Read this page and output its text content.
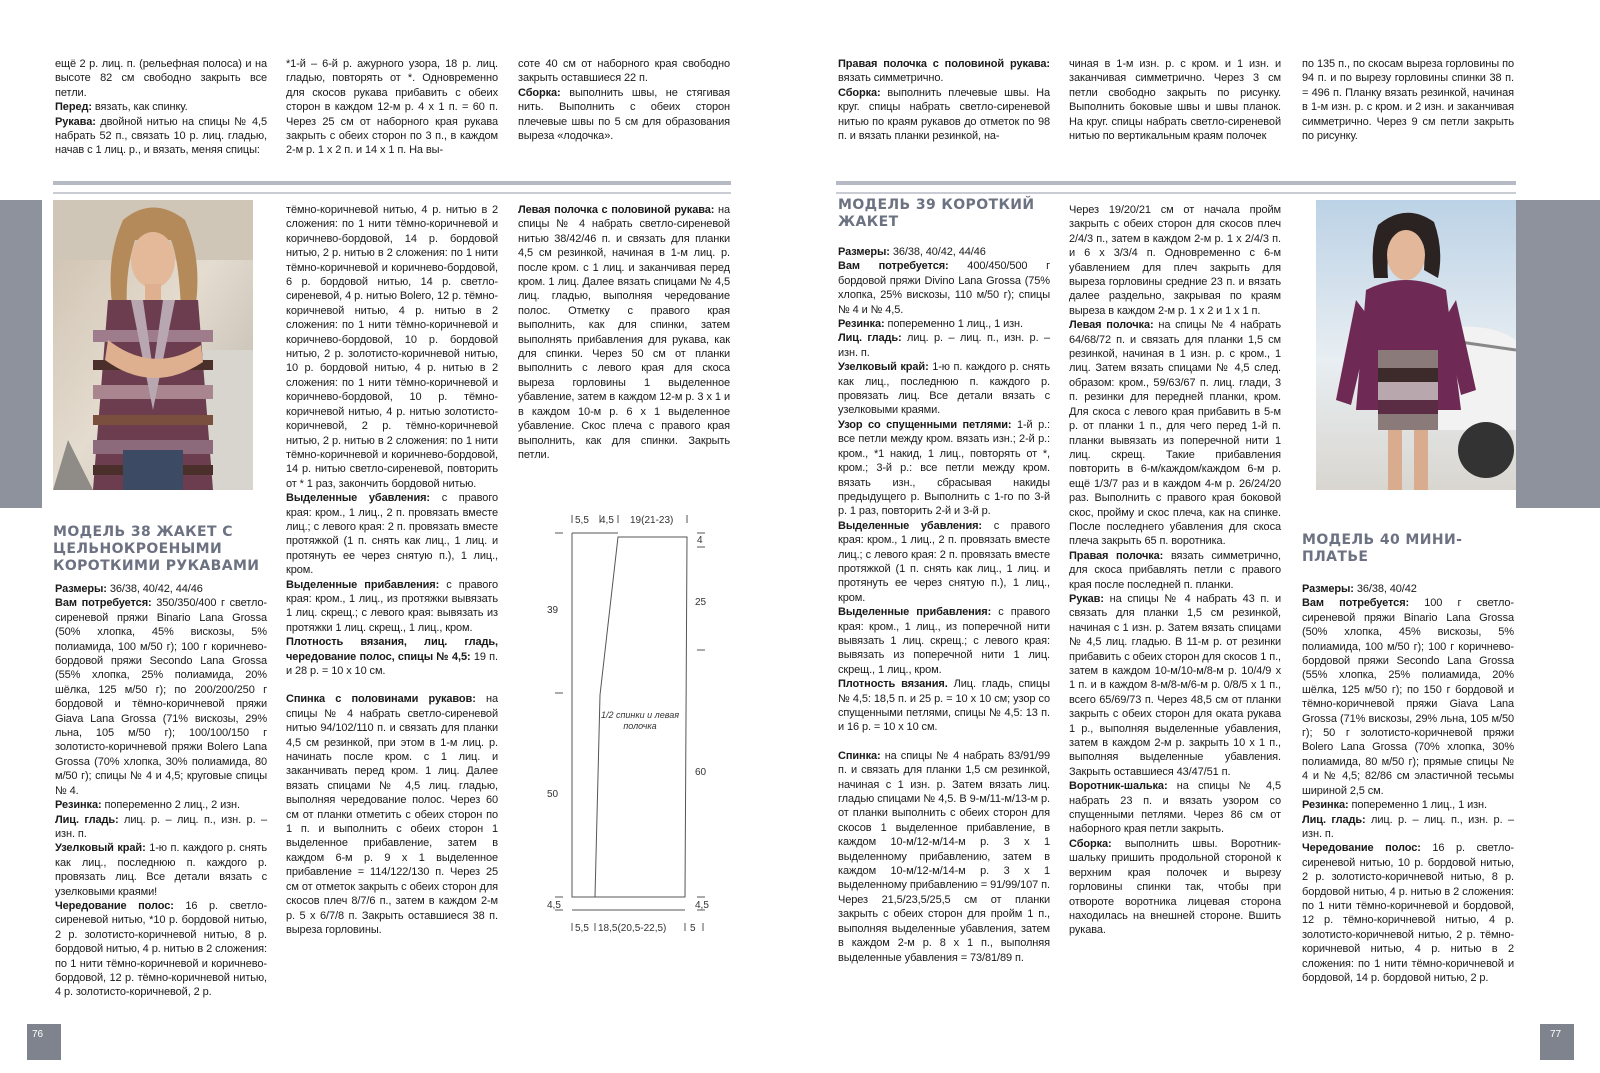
ещё 2 р. лиц. п. (рельефная полоса) и на высоте 82 см свободно закрыть все петли.

Перед: вязать, как спинку.

Рукава: двойной нитью на спицы № 4,5 набрать 52 п., связать 10 р. лиц. гладью, начав с 1 лиц. р., и вязать, меняя спицы:

*1-й – 6-й р. ажурного узора, 18 р. лиц. гладью, повторять от *. Одновременно для скосов рукава прибавить с обеих сторон в каждом 12-м р. 4 х 1 п. = 60 п. Через 25 см от наборного края рукава закрыть с обеих сторон по 3 п., в каждом 2-м р. 1 х 2 п. и 14 х 1 п. На вы-

соте 40 см от наборного края свободно закрыть оставшиеся 22 п.

Сборка: выполнить швы, не стягивая нить. Выполнить с обеих сторон плечевые швы по 5 см для образования выреза «лодочка».

МОДЕЛЬ 38 ЖАКЕТ С ЦЕЛЬНОКРОЕНЫМИ КОРОТКИМИ РУКАВАМИ

Размеры: 36/38, 40/42, 44/46

Вам потребуется: 350/350/400 г светло-сиреневой пряжи Binario Lana Grossa (50% хлопка, 45% вискозы, 5% полиамида, 100 м/50 г); 100 г коричнево-бордовой пряжи Secondo Lana Grossa (55% хлопка, 25% полиамида, 20% шёлка, 125 м/50 г); по 200/200/250 г бордовой и тёмно-коричневой пряжи Giava Lana Grossa (71% вискозы, 29% льна, 105 м/50 г); 100/100/150 г золотисто-коричневой пряжи Bolero Lana Grossa (70% хлопка, 30% полиамида, 80 м/50 г); спицы № 4 и 4,5; круговые спицы № 4.

Резинка: попеременно 2 лиц., 2 изн.

Лиц. гладь: лиц. р. – лиц. п., изн. р. – изн. п.

Узелковый край: 1-ю п. каждого р. снять как лиц., последнюю п. каждого р. провязать лиц. Все детали вязать с узелковыми краями!

Чередование полос: 16 р. светло-сиреневой нитью, *10 р. бордовой нитью, 2 р. золотисто-коричневой нитью, 8 р. бордовой нитью, 4 р. нитью в 2 сложения: по 1 нити тёмно-коричневой и коричнево-бордовой, 12 р. тёмно-коричневой нитью, 4 р. золотисто-коричневой, 2 р.

тёмно-коричневой нитью, 4 р. нитью в 2 сложения: по 1 нити тёмно-коричневой и коричнево-бордовой, 14 р. бордовой нитью, 2 р. нитью в 2 сложения: по 1 нити тёмно-коричневой и коричнево-бордовой, 6 р. бордовой нитью, 14 р. светло-сиреневой, 4 р. нитью Bolero, 12 р. тёмно-коричневой нитью, 4 р. нитью в 2 сложения: по 1 нити тёмно-коричневой и коричнево-бордовой, 10 р. бордовой нитью, 2 р. золотисто-коричневой нитью, 10 р. бордовой нитью, 4 р. нитью в 2 сложения: по 1 нити тёмно-коричневой и коричнево-бордовой, 10 р. тёмно-коричневой нитью, 4 р. нитью золотисто-коричневой, 2 р. тёмно-коричневой нитью, 2 р. нитью в 2 сложения: по 1 нити тёмно-коричневой и коричнево-бордовой, 14 р. нитью светло-сиреневой, повторить от * 1 раз, закончить бордовой нитью.

Выделенные убавления: с правого края: кром., 1 лиц., 2 п. провязать вместе лиц.; с левого края: 2 п. провязать вместе протяжкой (1 п. снять как лиц., 1 лиц. и протянуть ее через снятую п.), 1 лиц., кром.

Выделенные прибавления: с правого края: кром., 1 лиц., из протяжки вывязать 1 лиц. скрещ.; с левого края: вывязать из протяжки 1 лиц. скрещ., 1 лиц., кром.

Плотность вязания, лиц. гладь, чередование полос, спицы № 4,5: 19 п. и 28 р. = 10 х 10 см.

Спинка с половинами рукавов: на спицы № 4 набрать светло-сиреневой нитью 94/102/110 п. и связать для планки 4,5 см резинкой, при этом в 1-м лиц. р. начинать после кром. с 1 лиц. и заканчивать перед кром. 1 лиц. Далее вязать спицами № 4,5 лиц. гладью, выполняя чередование полос. Через 60 см от планки отметить с обеих сторон по 1 п. и выполнить с обеих сторон 1 выделенное прибавление, затем в каждом 6-м р. 9 х 1 выделенное прибавление = 114/122/130 п. Через 25 см от отметок закрыть с обеих сторон для скосов плеч 8/7/6 п., затем в каждом 2-м р. 5 х 6/7/8 п. Закрыть оставшиеся 38 п. выреза горловины.

Левая полочка с половиной рукава: на спицы № 4 набрать светло-сиреневой нитью 38/42/46 п. и связать для планки 4,5 см резинкой, начиная в 1-м лиц. р. после кром. с 1 лиц. и заканчивая перед кром. 1 лиц. Далее вязать спицами № 4,5 лиц. гладью, выполняя чередование полос. Отметку с правого края выполнить, как для спинки, затем выполнять прибавления для рукава, как для спинки. Через 50 см от планки выполнить с левого края для скоса выреза горловины 1 выделенное убавление, затем в каждом 12-м р. 3 х 1 и в каждом 10-м р. 6 х 1 выделенное убавление. Скос плеча с правого края выполнить, как для спинки. Закрыть петли.

5,5 4,5 19(21-23)
39
50
4,5
4
25
60
4,5
5,5 18,5(20,5-22,5) 5
1/2 спинки и левая полочка
76

Правая полочка с половиной рукава: вязать симметрично.

Сборка: выполнить плечевые швы. На круг. спицы набрать светло-сиреневой нитью по краям рукавов до отметок по 98 п. и вязать планки резинкой, на-

чиная в 1-м изн. р. с кром. и 1 изн. и заканчивая симметрично. Через 3 см петли свободно закрыть по рисунку. Выполнить боковые швы и швы планок. На круг. спицы набрать светло-сиреневой нитью по вертикальным краям полочек

по 135 п., по скосам выреза горловины по 94 п. и по вырезу горловины спинки 38 п. = 496 п. Планку вязать резинкой, начиная в 1-м изн. р. с кром. и 2 изн. и заканчивая симметрично. Через 9 см петли закрыть по рисунку.

МОДЕЛЬ 39 КОРОТКИЙ ЖАКЕТ

Размеры: 36/38, 40/42, 44/46

Вам потребуется: 400/450/500 г бордовой пряжи Divino Lana Grossa (75% хлопка, 25% вискозы, 110 м/50 г); спицы № 4 и № 4,5.

Резинка: попеременно 1 лиц., 1 изн.

Лиц. гладь: лиц. р. – лиц. п., изн. р. – изн. п.

Узелковый край: 1-ю п. каждого р. снять как лиц., последнюю п. каждого р. провязать лиц. Все детали вязать с узелковыми краями.

Узор со спущенными петлями: 1-й р.: все петли между кром. вязать изн.; 2-й р.: кром., *1 накид, 1 лиц., повторять от *, кром.; 3-й р.: все петли между кром. вязать изн., сбрасывая накиды предыдущего р. Выполнить с 1-го по 3-й р. 1 раз, повторить 2-й и 3-й р.

Выделенные убавления: с правого края: кром., 1 лиц., 2 п. провязать вместе лиц.; с левого края: 2 п. провязать вместе протяжкой (1 п. снять как лиц., 1 лиц. и протянуть ее через снятую п.), 1 лиц., кром.

Выделенные прибавления: с правого края: кром., 1 лиц., из поперечной нити вывязать 1 лиц. скрещ.; с левого края: вывязать из поперечной нити 1 лиц. скрещ., 1 лиц., кром.

Плотность вязания. Лиц. гладь, спицы № 4,5: 18,5 п. и 25 р. = 10 х 10 см; узор со спущенными петлями, спицы № 4,5: 13 п. и 16 р. = 10 х 10 см.

Спинка: на спицы № 4 набрать 83/91/99 п. и связать для планки 1,5 см резинкой, начиная с 1 изн. р. Затем вязать лиц. гладью спицами № 4,5. В 9-м/11-м/13-м р. от планки выполнить с обеих сторон для скосов 1 выделенное прибавление, в каждом 10-м/12-м/14-м р. 3 х 1 выделенному прибавлению, затем в каждом 10-м/12-м/14-м р. 3 х 1 выделенному прибавлению = 91/99/107 п. Через 21,5/23,5/25,5 см от планки закрыть с обеих сторон для пройм 1 п., выполняя выделенные убавления, затем в каждом 2-м р. 8 х 1 п., выполняя выделенные убавления = 73/81/89 п.

Через 19/20/21 см от начала пройм закрыть с обеих сторон для скосов плеч 2/4/3 п., затем в каждом 2-м р. 1 х 2/4/3 п. и 6 х 3/3/4 п. Одновременно с 6-м убавлением для плеч закрыть для выреза горловины средние 23 п. и вязать далее раздельно, закрывая по краям выреза в каждом 2-м р. 1 х 2 и 1 х 1 п.

Левая полочка: на спицы № 4 набрать 64/68/72 п. и связать для планки 1,5 см резинкой, начиная в 1 изн. р. с кром., 1 лиц. Затем вязать спицами № 4,5 след. образом: кром., 59/63/67 п. лиц. глади, 3 п. резинки для передней планки, кром. Для скоса с левого края прибавить в 5-м р. от планки 1 п., для чего перед 1-й п. планки вывязать из поперечной нити 1 лиц. скрещ. Такие прибавления повторить в 6-м/каждом/каждом 6-м р. ещё 1/3/7 раз и в каждом 4-м р. 26/24/20 раз. Выполнить с правого края боковой скос, пройму и скос плеча, как на спинке. После последнего убавления для скоса плеча закрыть 65 п. воротника.

Правая полочка: вязать симметрично, для скоса прибавлять петли с правого края после последней п. планки.

Рукав: на спицы № 4 набрать 43 п. и связать для планки 1,5 см резинкой, начиная с 1 изн. р. Затем вязать спицами № 4,5 лиц. гладью. В 11-м р. от резинки прибавить с обеих сторон для скосов 1 п., затем в каждом 10-м/10-м/8-м р. 10/4/9 х 1 п. и в каждом 8-м/8-м/6-м р. 0/8/5 х 1 п., всего 65/69/73 п. Через 48,5 см от планки закрыть с обеих сторон для оката рукава 1 р., выполняя выделенные убавления, затем в каждом 2-м р. закрыть 10 х 1 п., выполняя выделенные убавления. Закрыть оставшиеся 43/47/51 п.

Воротник-шалька: на спицы № 4,5 набрать 23 п. и вязать узором со спущенными петлями. Через 86 см от наборного края петли закрыть.

Сборка: выполнить швы. Воротник-шальку пришить продольной стороной к верхним края полочек и вырезу горловины спинки так, чтобы при отвороте воротника лицевая сторона находилась на внешней стороне. Вшить рукава.

МОДЕЛЬ 40 МИНИ-ПЛАТЬЕ

Размеры: 36/38, 40/42

Вам потребуется: 100 г светло-сиреневой пряжи Binario Lana Grossa (50% хлопка, 45% вискозы, 5% полиамида, 100 м/50 г); 100 г коричнево-бордовой пряжи Secondo Lana Grossa (55% хлопка, 25% полиамида, 20% шёлка, 125 м/50 г); по 150 г бордовой и тёмно-коричневой пряжи Giava Lana Grossa (71% вискозы, 29% льна, 105 м/50 г); 50 г золотисто-коричневой пряжи Bolero Lana Grossa (70% хлопка, 30% полиамида, 80 м/50 г); прямые спицы № 4 и № 4,5; 82/86 см эластичной тесьмы шириной 2,5 см.

Резинка: попеременно 1 лиц., 1 изн.

Лиц. гладь: лиц. р. – лиц. п., изн. р. – изн. п.

Чередование полос: 16 р. светло-сиреневой нитью, 10 р. бордовой нитью, 2 р. золотисто-коричневой нитью, 8 р. бордовой нитью, 4 р. нитью в 2 сложения: по 1 нити тёмно-коричневой и бордовой, 12 р. тёмно-коричневой нитью, 4 р. золотисто-коричневой нитью, 2 р. тёмно-коричневой нитью, 4 р. нитью в 2 сложения: по 1 нити тёмно-коричневой и бордовой, 14 р. бордовой нитью, 2 р.

77
